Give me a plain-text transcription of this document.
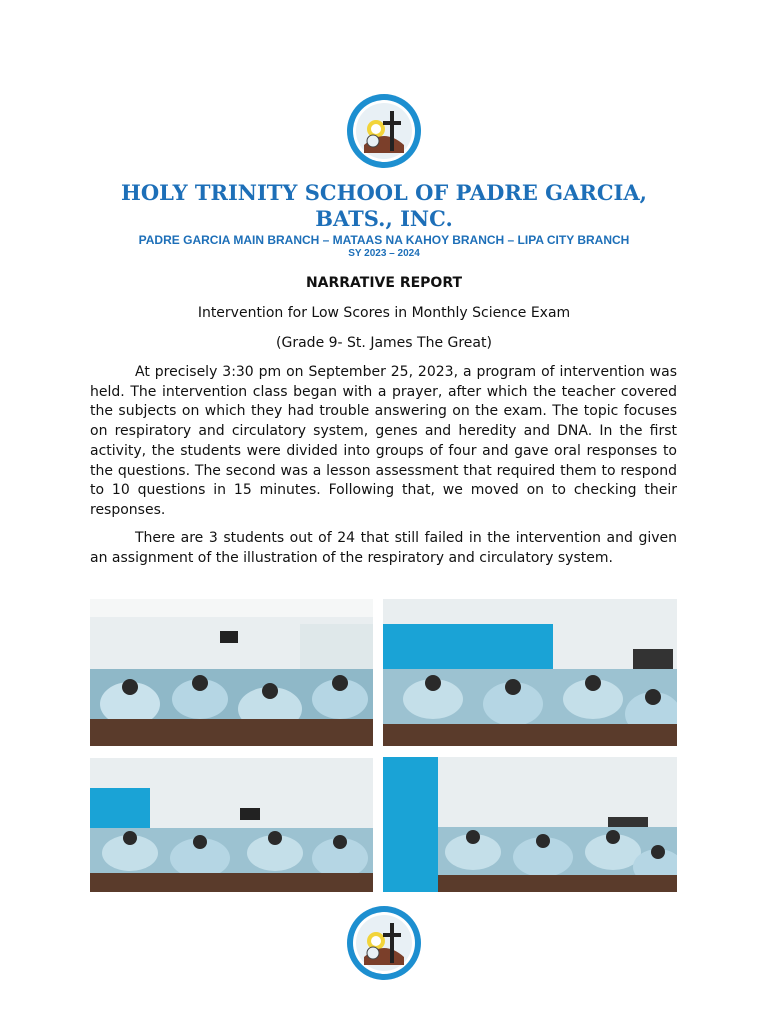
HOLY TRINITY SCHOOL OF PADRE GARCIA, BATS., INC.
PADRE GARCIA MAIN BRANCH – MATAAS NA KAHOY BRANCH – LIPA CITY BRANCH
SY 2023 – 2024
NARRATIVE REPORT
Intervention for Low Scores in Monthly Science Exam
(Grade 9- St. James The Great)

At precisely 3:30 pm on September 25, 2023, a program of intervention was held. The intervention class began with a prayer, after which the teacher covered the subjects on which they had trouble answering on the exam. The topic focuses on respiratory and circulatory system, genes and heredity and DNA. In the first activity, the students were divided into groups of four and gave oral responses to the questions. The second was a lesson assessment that required them to respond to 10 questions in 15 minutes. Following that, we moved on to checking their responses.

There are 3 students out of 24 that still failed in the intervention and given an assignment of the illustration of the respiratory and circulatory system.
